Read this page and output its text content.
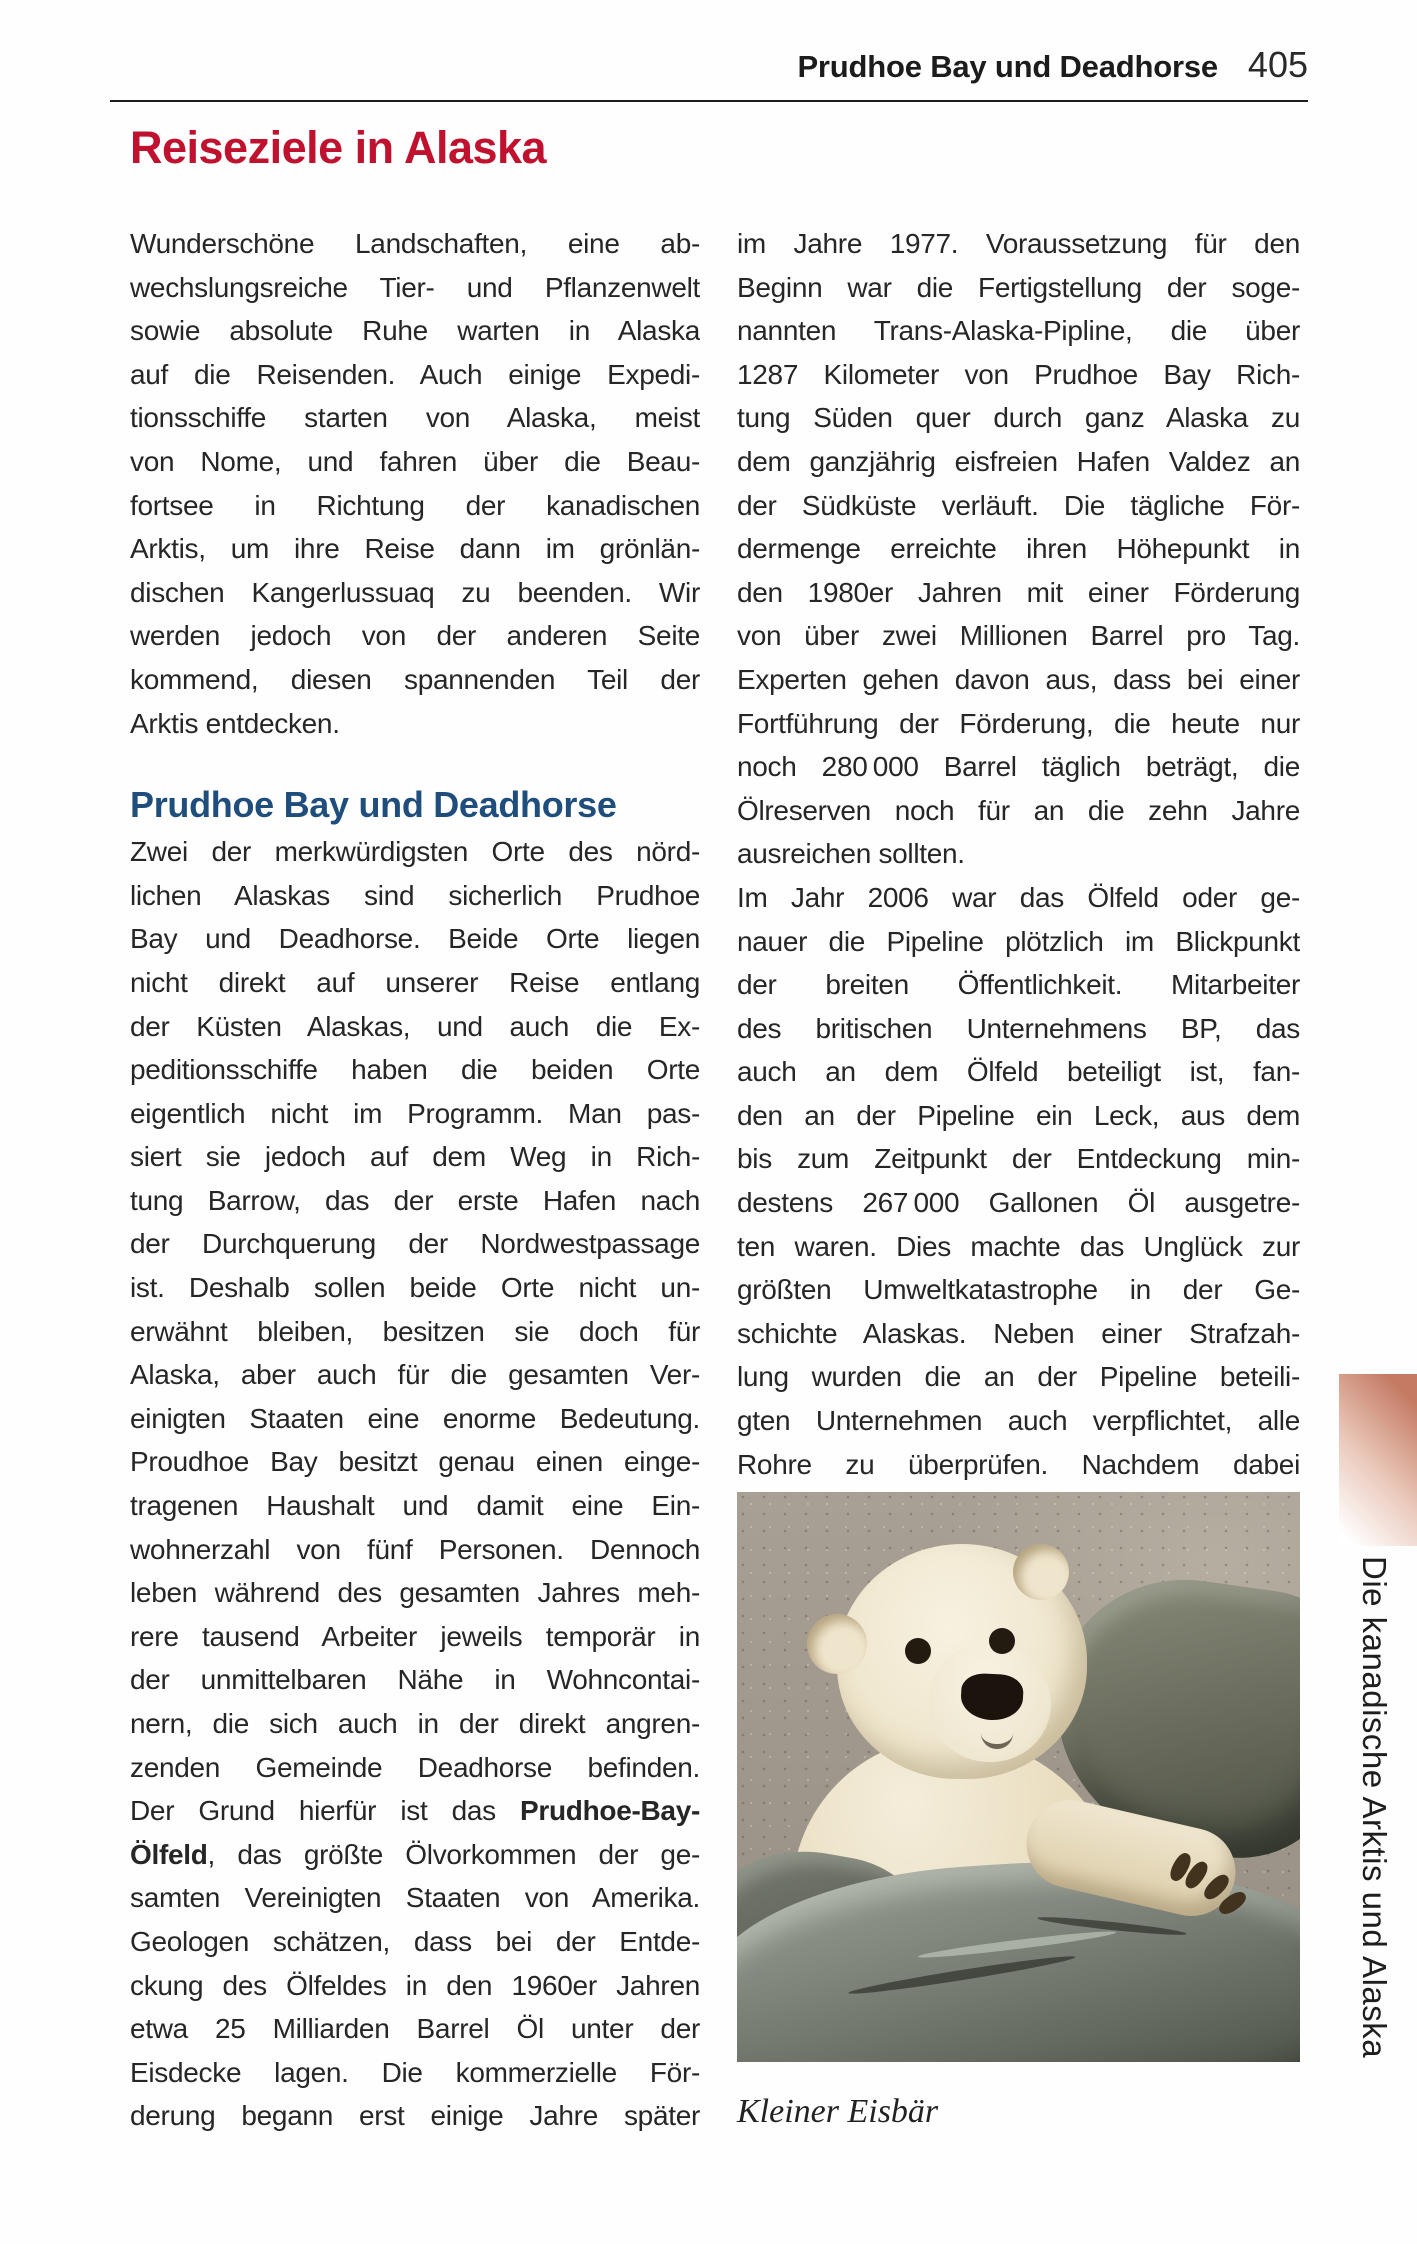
Prudhoe Bay und Deadhorse 405
Reiseziele in Alaska
Wunderschöne Landschaften, eine ab-
wechslungsreiche Tier- und Pflanzenwelt
sowie absolute Ruhe warten in Alaska
auf die Reisenden. Auch einige Expedi-
tionsschiffe starten von Alaska, meist
von Nome, und fahren über die Beau-
fortsee in Richtung der kanadischen
Arktis, um ihre Reise dann im grönlän-
dischen Kangerlussuaq zu beenden. Wir
werden jedoch von der anderen Seite
kommend, diesen spannenden Teil der
Arktis entdecken.
Prudhoe Bay und Deadhorse
Zwei der merkwürdigsten Orte des nörd-
lichen Alaskas sind sicherlich Prudhoe
Bay und Deadhorse. Beide Orte liegen
nicht direkt auf unserer Reise entlang
der Küsten Alaskas, und auch die Ex-
peditionsschiffe haben die beiden Orte
eigentlich nicht im Programm. Man pas-
siert sie jedoch auf dem Weg in Rich-
tung Barrow, das der erste Hafen nach
der Durchquerung der Nordwestpassage
ist. Deshalb sollen beide Orte nicht un-
erwähnt bleiben, besitzen sie doch für
Alaska, aber auch für die gesamten Ver-
einigten Staaten eine enorme Bedeutung.
Proudhoe Bay besitzt genau einen einge-
tragenen Haushalt und damit eine Ein-
wohnerzahl von fünf Personen. Dennoch
leben während des gesamten Jahres meh-
rere tausend Arbeiter jeweils temporär in
der unmittelbaren Nähe in Wohncontai-
nern, die sich auch in der direkt angren-
zenden Gemeinde Deadhorse befinden.
Der Grund hierfür ist das Prudhoe-Bay-
Ölfeld, das größte Ölvorkommen der ge-
samten Vereinigten Staaten von Amerika.
Geologen schätzen, dass bei der Entde-
ckung des Ölfeldes in den 1960er Jahren
etwa 25 Milliarden Barrel Öl unter der
Eisdecke lagen. Die kommerzielle För-
derung begann erst einige Jahre später
im Jahre 1977. Voraussetzung für den
Beginn war die Fertigstellung der soge-
nannten Trans-Alaska-Pipline, die über
1287 Kilometer von Prudhoe Bay Rich-
tung Süden quer durch ganz Alaska zu
dem ganzjährig eisfreien Hafen Valdez an
der Südküste verläuft. Die tägliche För-
dermenge erreichte ihren Höhepunkt in
den 1980er Jahren mit einer Förderung
von über zwei Millionen Barrel pro Tag.
Experten gehen davon aus, dass bei einer
Fortführung der Förderung, die heute nur
noch 280 000 Barrel täglich beträgt, die
Ölreserven noch für an die zehn Jahre
ausreichen sollten.
Im Jahr 2006 war das Ölfeld oder ge-
nauer die Pipeline plötzlich im Blickpunkt
der breiten Öffentlichkeit. Mitarbeiter
des britischen Unternehmens BP, das
auch an dem Ölfeld beteiligt ist, fan-
den an der Pipeline ein Leck, aus dem
bis zum Zeitpunkt der Entdeckung min-
destens 267 000 Gallonen Öl ausgetre-
ten waren. Dies machte das Unglück zur
größten Umweltkatastrophe in der Ge-
schichte Alaskas. Neben einer Strafzah-
lung wurden die an der Pipeline beteili-
gten Unternehmen auch verpflichtet, alle
Rohre zu überprüfen. Nachdem dabei
Kleiner Eisbär
Die kanadische Arktis und Alaska
